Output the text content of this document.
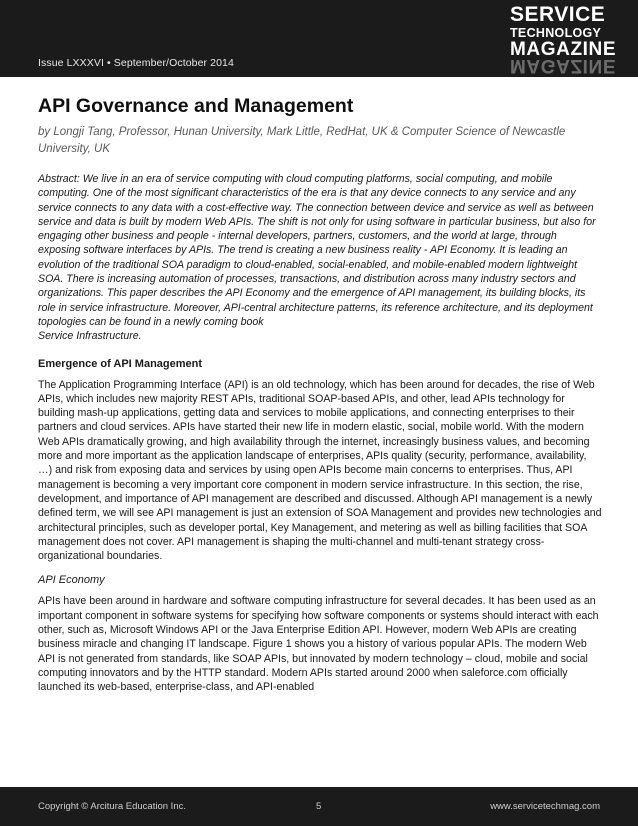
Issue LXXXVI • September/October 2014
SERVICE
TECHNOLOGY
MAGAZINE
MAGAZINE
API Governance and Management
by Longji Tang, Professor, Hunan University, Mark Little, RedHat, UK & Computer Science of Newcastle University, UK
Abstract: We live in an era of service computing with cloud computing platforms, social computing, and mobile computing. One of the most significant characteristics of the era is that any device connects to any service and any service connects to any data with a cost-effective way. The connection between device and service as well as between service and data is built by modern Web APIs. The shift is not only for using software in particular business, but also for engaging other business and people - internal developers, partners, customers, and the world at large, through exposing software interfaces by APIs. The trend is creating a new business reality - API Economy. It is leading an evolution of the traditional SOA paradigm to cloud-enabled, social-enabled, and mobile-enabled modern lightweight SOA. There is increasing automation of processes, transactions, and distribution across many industry sectors and organizations. This paper describes the API Economy and the emergence of API management, its building blocks, its role in service infrastructure. Moreover, API-central architecture patterns, its reference architecture, and its deployment topologies can be found in a newly coming book
Service Infrastructure.
Emergence of API Management
The Application Programming Interface (API) is an old technology, which has been around for decades, the rise of Web APIs, which includes new majority REST APIs, traditional SOAP-based APIs, and other, lead APIs technology for building mash-up applications, getting data and services to mobile applications, and connecting enterprises to their partners and cloud services. APIs have started their new life in modern elastic, social, mobile world. With the modern Web APIs dramatically growing, and high availability through the internet, increasingly business values, and becoming more and more important as the application landscape of enterprises, APIs quality (security, performance, availability, …) and risk from exposing data and services by using open APIs become main concerns to enterprises. Thus, API management is becoming a very important core component in modern service infrastructure. In this section, the rise, development, and importance of API management are described and discussed. Although API management is a newly defined term, we will see API management is just an extension of SOA Management and provides new technologies and architectural principles, such as developer portal, Key Management, and metering as well as billing facilities that SOA management does not cover. API management is shaping the multi-channel and multi-tenant strategy cross-organizational boundaries.
API Economy
APIs have been around in hardware and software computing infrastructure for several decades. It has been used as an important component in software systems for specifying how software components or systems should interact with each other, such as, Microsoft Windows API or the Java Enterprise Edition API. However, modern Web APIs are creating business miracle and changing IT landscape. Figure 1 shows you a history of various popular APIs. The modern Web API is not generated from standards, like SOAP APIs, but innovated by modern technology – cloud, mobile and social computing innovators and by the HTTP standard. Modern APIs started around 2000 when saleforce.com officially launched its web-based, enterprise-class, and API-enabled
Copyright © Arcitura Education Inc.	5	www.servicetechmag.com
